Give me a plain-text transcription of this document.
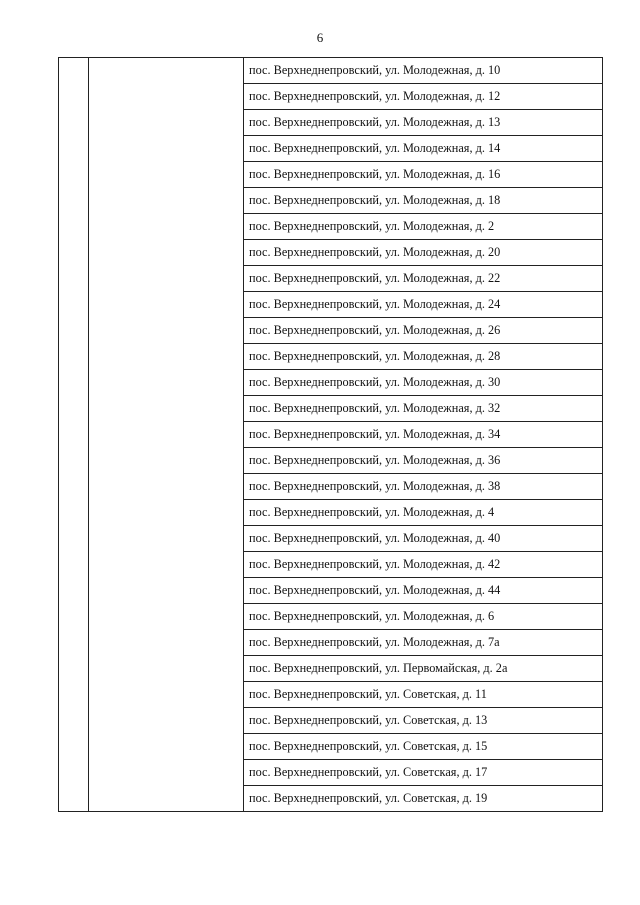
6
		пос. Верхнеднепровский, ул. Молодежная, д. 10
пос. Верхнеднепровский, ул. Молодежная, д. 12
пос. Верхнеднепровский, ул. Молодежная, д. 13
пос. Верхнеднепровский, ул. Молодежная, д. 14
пос. Верхнеднепровский, ул. Молодежная, д. 16
пос. Верхнеднепровский, ул. Молодежная, д. 18
пос. Верхнеднепровский, ул. Молодежная, д. 2
пос. Верхнеднепровский, ул. Молодежная, д. 20
пос. Верхнеднепровский, ул. Молодежная, д. 22
пос. Верхнеднепровский, ул. Молодежная, д. 24
пос. Верхнеднепровский, ул. Молодежная, д. 26
пос. Верхнеднепровский, ул. Молодежная, д. 28
пос. Верхнеднепровский, ул. Молодежная, д. 30
пос. Верхнеднепровский, ул. Молодежная, д. 32
пос. Верхнеднепровский, ул. Молодежная, д. 34
пос. Верхнеднепровский, ул. Молодежная, д. 36
пос. Верхнеднепровский, ул. Молодежная, д. 38
пос. Верхнеднепровский, ул. Молодежная, д. 4
пос. Верхнеднепровский, ул. Молодежная, д. 40
пос. Верхнеднепровский, ул. Молодежная, д. 42
пос. Верхнеднепровский, ул. Молодежная, д. 44
пос. Верхнеднепровский, ул. Молодежная, д. 6
пос. Верхнеднепровский, ул. Молодежная, д. 7а
пос. Верхнеднепровский, ул. Первомайская, д. 2а
пос. Верхнеднепровский, ул. Советская, д. 11
пос. Верхнеднепровский, ул. Советская, д. 13
пос. Верхнеднепровский, ул. Советская, д. 15
пос. Верхнеднепровский, ул. Советская, д. 17
пос. Верхнеднепровский, ул. Советская, д. 19
